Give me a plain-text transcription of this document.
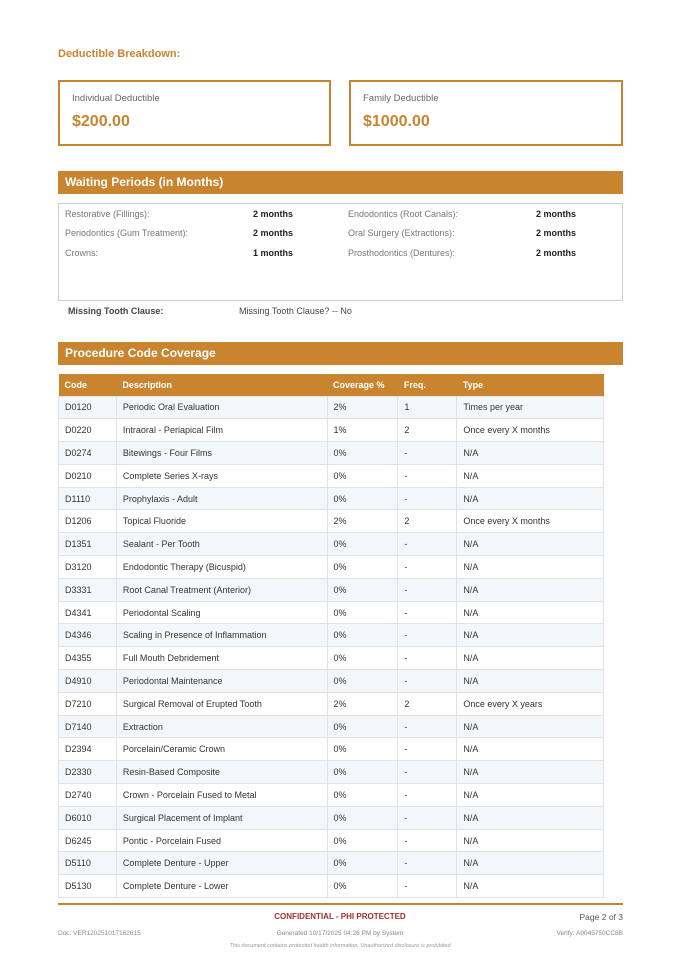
Deductible Breakdown:
Individual Deductible
$200.00
Family Deductible
$1000.00
Waiting Periods (in Months)
Restorative (Fillings):	2 months	Endodontics (Root Canals):	2 months
Periodontics (Gum Treatment):	2 months	Oral Surgery (Extractions):	2 months
Crowns:	1 months	Prosthodontics (Dentures):	2 months
Missing Tooth Clause:	Missing Tooth Clause? -- No
Procedure Code Coverage
Code	Description	Coverage %	Freq.	Type
D0120	Periodic Oral Evaluation	2%	1	Times per year
D0220	Intraoral - Periapical Film	1%	2	Once every X months
D0274	Bitewings - Four Films	0%	-	N/A
D0210	Complete Series X-rays	0%	-	N/A
D1110	Prophylaxis - Adult	0%	-	N/A
D1206	Topical Fluoride	2%	2	Once every X months
D1351	Sealant - Per Tooth	0%	-	N/A
D3120	Endodontic Therapy (Bicuspid)	0%	-	N/A
D3331	Root Canal Treatment (Anterior)	0%	-	N/A
D4341	Periodontal Scaling	0%	-	N/A
D4346	Scaling in Presence of Inflammation	0%	-	N/A
D4355	Full Mouth Debridement	0%	-	N/A
D4910	Periodontal Maintenance	0%	-	N/A
D7210	Surgical Removal of Erupted Tooth	2%	2	Once every X years
D7140	Extraction	0%	-	N/A
D2394	Porcelain/Ceramic Crown	0%	-	N/A
D2330	Resin-Based Composite	0%	-	N/A
D2740	Crown - Porcelain Fused to Metal	0%	-	N/A
D6010	Surgical Placement of Implant	0%	-	N/A
D6245	Pontic - Porcelain Fused	0%	-	N/A
D5110	Complete Denture - Upper	0%	-	N/A
D5130	Complete Denture - Lower	0%	-	N/A
CONFIDENTIAL - PHI PROTECTED	Page 2 of 3
Doc: VER120251017162615	Generated 10/17/2025 04:26 PM by System	Verify: A0045750CC8B
This document contains protected health information. Unauthorized disclosure is prohibited
